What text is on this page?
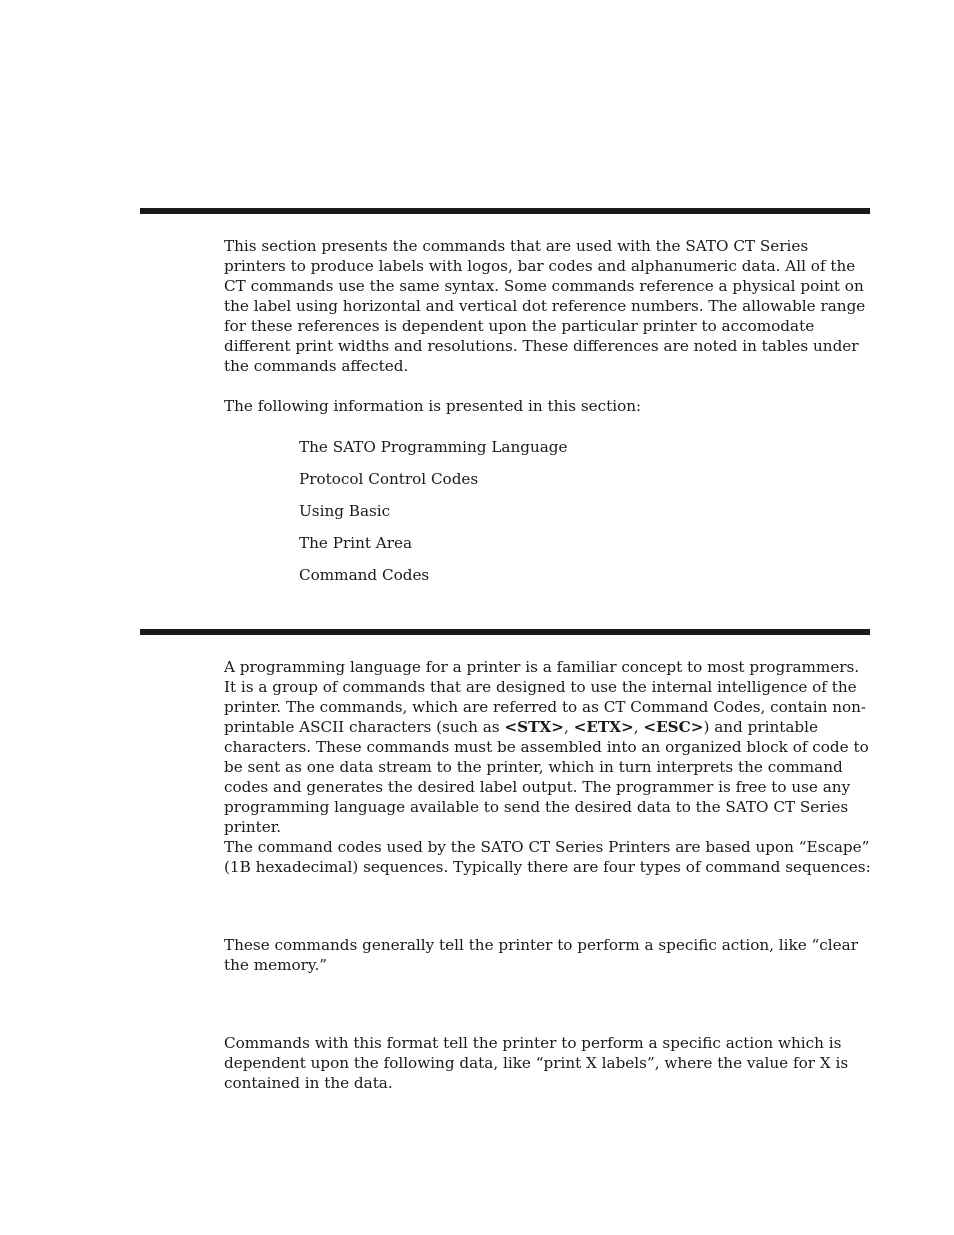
This section presents the commands that are used with the SATO CT Series printers to produce labels with logos, bar codes and alphanumeric data. All of the CT commands use the same syntax. Some commands reference a physical point on the label using horizontal and vertical dot reference numbers. The allowable range for these references is dependent upon the particular printer to accomodate different print widths and resolutions. These differences are noted in tables under the commands affected.

The following information is presented in this section:

The SATO Programming Language

Protocol Control Codes

Using Basic

The Print Area

Command Codes

A programming language for a printer is a familiar concept to most programmers. It is a group of commands that are designed to use the internal intelligence of the printer. The commands, which are referred to as CT Command Codes, contain non-printable ASCII characters (such as <STX>, <ETX>, <ESC>) and printable characters. These commands must be assembled into an organized block of code to be sent as one data stream to the printer, which in turn interprets the command codes and generates the desired label output. The programmer is free to use any programming language available to send the desired data to the SATO CT Series printer.

The command codes used by the SATO CT Series Printers are based upon “Escape” (1B hexadecimal) sequences. Typically there are four types of command sequences:

These commands generally tell the printer to perform a specific action, like “clear the memory.”

Commands with this format tell the printer to perform a specific action which is dependent upon the following data, like “print X labels”, where the value for X is contained in the data.
